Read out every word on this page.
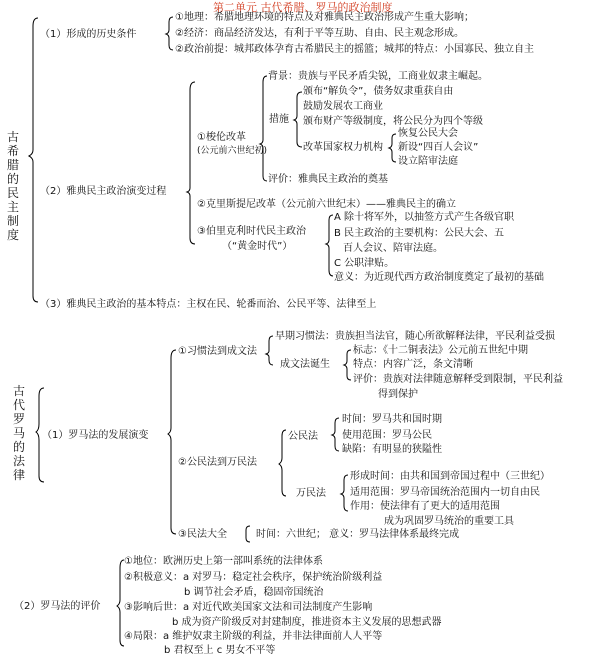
第二单元 古代希腊、罗马的政治制度
古希腊的民主制度
古代罗马的法律
（1）形成的历史条件
①地理：希腊地理环境的特点及对雅典民主政治形成产生重大影响；
②经济：商品经济发达，有利于平等互助、自由、民主观念形成。
②政治前提：城邦政体孕育古希腊民主的摇篮；城邦的特点：小国寡民、独立自主
（2）雅典民主政治演变过程
①梭伦改革
(公元前六世纪初)
背景：贵族与平民矛盾尖锐，工商业奴隶主崛起。
措施
颁布“解负令”，债务奴隶重获自由
鼓励发展农工商业
颁布财产等级制度，将公民分为四个等级
改革国家权力机构
恢复公民大会
新设“四百人会议”
设立陪审法庭
评价：雅典民主政治的奠基
②克里斯提尼改革（公元前六世纪末）——雅典民主的确立
③伯里克利时代民主政治
（“黄金时代”）
A 除十将军外，以抽签方式产生各级官职
B 民主政治的主要机构：公民大会、五
百人会议、陪审法庭。
C 公职津贴。
意义：为近现代西方政治制度奠定了最初的基础
（3）雅典民主政治的基本特点：主权在民、轮番而治、公民平等、法律至上
（1）罗马法的发展演变
①习惯法到成文法
早期习惯法：贵族担当法官，随心所欲解释法律，平民利益受损
成文法诞生
标志：《十二铜表法》公元前五世纪中期
特点：内容广泛，条文清晰
评价：贵族对法律随意解释受到限制，平民利益
得到保护
②公民法到万民法
公民法
时间：罗马共和国时期
使用范围：罗马公民
缺陷：有明显的狭隘性
万民法
形成时间：由共和国到帝国过程中（三世纪）
适用范围：罗马帝国统治范围内一切自由民
作用：使法律有了更大的适用范围
成为巩固罗马统治的重要工具
③民法大全	时间：六世纪； 意义：罗马法律体系最终完成
（2）罗马法的评价
①地位：欧洲历史上第一部叫系统的法律体系
②积极意义：a 对罗马：稳定社会秩序，保护统治阶级利益
b 调节社会矛盾，稳固帝国统治
③影响后世：a 对近代欧美国家文法和司法制度产生影响
b 成为资产阶级反对封建制度，推进资本主义发展的思想武器
④局限：a 维护奴隶主阶级的利益，并非法律面前人人平等
b 君权至上 c 男女不平等
